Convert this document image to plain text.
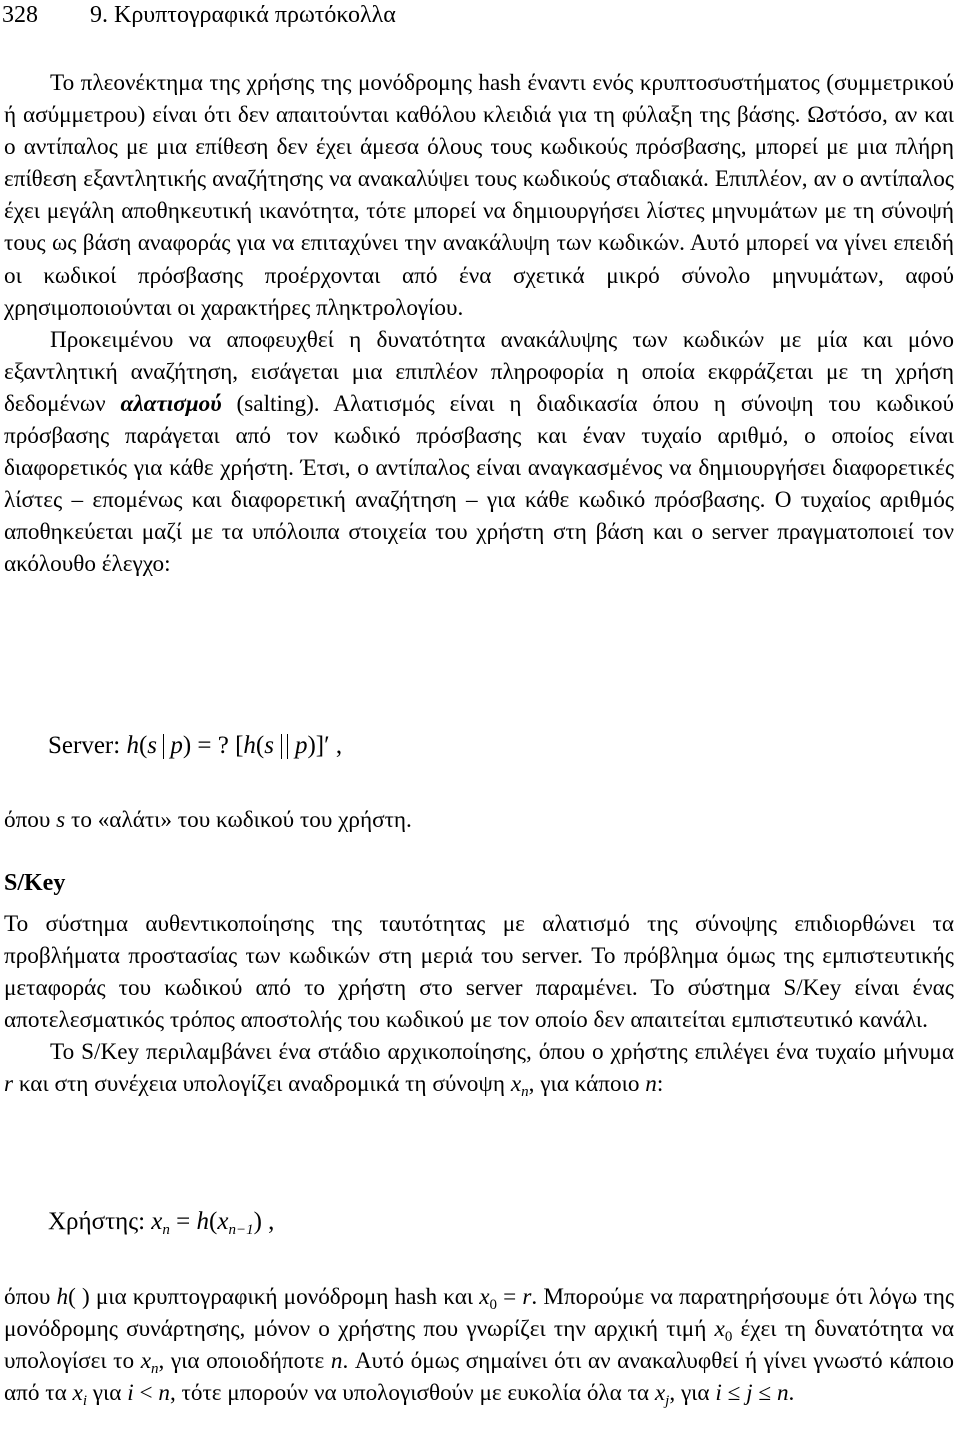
328 9. Κρυπτογραφικά πρωτόκολλα

Το πλεονέκτημα της χρήσης της μονόδρομης hash έναντι ενός κρυπτοσυστήματος (συμμετρικού ή ασύμμετρου) είναι ότι δεν απαιτούνται καθόλου κλειδιά για τη φύλαξη της βάσης. Ωστόσο, αν και ο αντίπαλος με μια επίθεση δεν έχει άμεσα όλους τους κωδικούς πρόσβασης, μπορεί με μια πλήρη επίθεση εξαντλητικής αναζήτησης να ανακαλύψει τους κωδικούς σταδιακά. Επιπλέον, αν ο αντίπαλος έχει μεγάλη αποθηκευτική ικανότητα, τότε μπορεί να δημιουργήσει λίστες μηνυμάτων με τη σύνοψή τους ως βάση αναφοράς για να επιταχύνει την ανακάλυψη των κωδικών. Αυτό μπορεί να γίνει επειδή οι κωδικοί πρόσβασης προέρχονται από ένα σχετικά μικρό σύνολο μηνυμάτων, αφού χρησιμοποιούνται οι χαρακτήρες πληκτρολογίου.

Προκειμένου να αποφευχθεί η δυνατότητα ανακάλυψης των κωδικών με μία και μόνο εξαντλητική αναζήτηση, εισάγεται μια επιπλέον πληροφορία η οποία εκφράζεται με τη χρήση δεδομένων αλατισμού (salting). Αλατισμός είναι η διαδικασία όπου η σύνοψη του κωδικού πρόσβασης παράγεται από τον κωδικό πρόσβασης και έναν τυχαίο αριθμό, ο οποίος είναι διαφορετικός για κάθε χρήστη. Έτσι, ο αντίπαλος είναι αναγκασμένος να δημιουργήσει διαφορετικές λίστες – επομένως και διαφορετική αναζήτηση – για κάθε κωδικό πρόσβασης. Ο τυχαίος αριθμός αποθηκεύεται μαζί με τα υπόλοιπα στοιχεία του χρήστη στη βάση και ο server πραγματοποιεί τον ακόλουθο έλεγχο:

Server: h(s p) = ? [h(s p)]′ ,

όπου s το «αλάτι» του κωδικού του χρήστη.

S/Key

Το σύστημα αυθεντικοποίησης της ταυτότητας με αλατισμό της σύνοψης επιδιορθώνει τα προβλήματα προστασίας των κωδικών στη μεριά του server. Το πρόβλημα όμως της εμπιστευτικής μεταφοράς του κωδικού από το χρήστη στο server παραμένει. Το σύστημα S/Key είναι ένας αποτελεσματικός τρόπος αποστολής του κωδικού με τον οποίο δεν απαιτείται εμπιστευτικό κανάλι.

Το S/Key περιλαμβάνει ένα στάδιο αρχικοποίησης, όπου ο χρήστης επιλέγει ένα τυχαίο μήνυμα r και στη συνέχεια υπολογίζει αναδρομικά τη σύνοψη $x_n$, για κάποιο n:

Χρήστης: $x_n = h(x_{n-1})$ ,

όπου h( ) μια κρυπτογραφική μονόδρομη hash και $x_0 = r$. Μπορούμε να παρατηρήσουμε ότι λόγω της μονόδρομης συνάρτησης, μόνον ο χρήστης που γνωρίζει την αρχική τιμή $x_0$ έχει τη δυνατότητα να υπολογίσει το $x_n$, για οποιοδήποτε n. Αυτό όμως σημαίνει ότι αν ανακαλυφθεί ή γίνει γνωστό κάποιο από τα $x_i$ για i < n, τότε μπορούν να υπολογισθούν με ευκολία όλα τα $x_j$, για i ≤ j ≤ n.
